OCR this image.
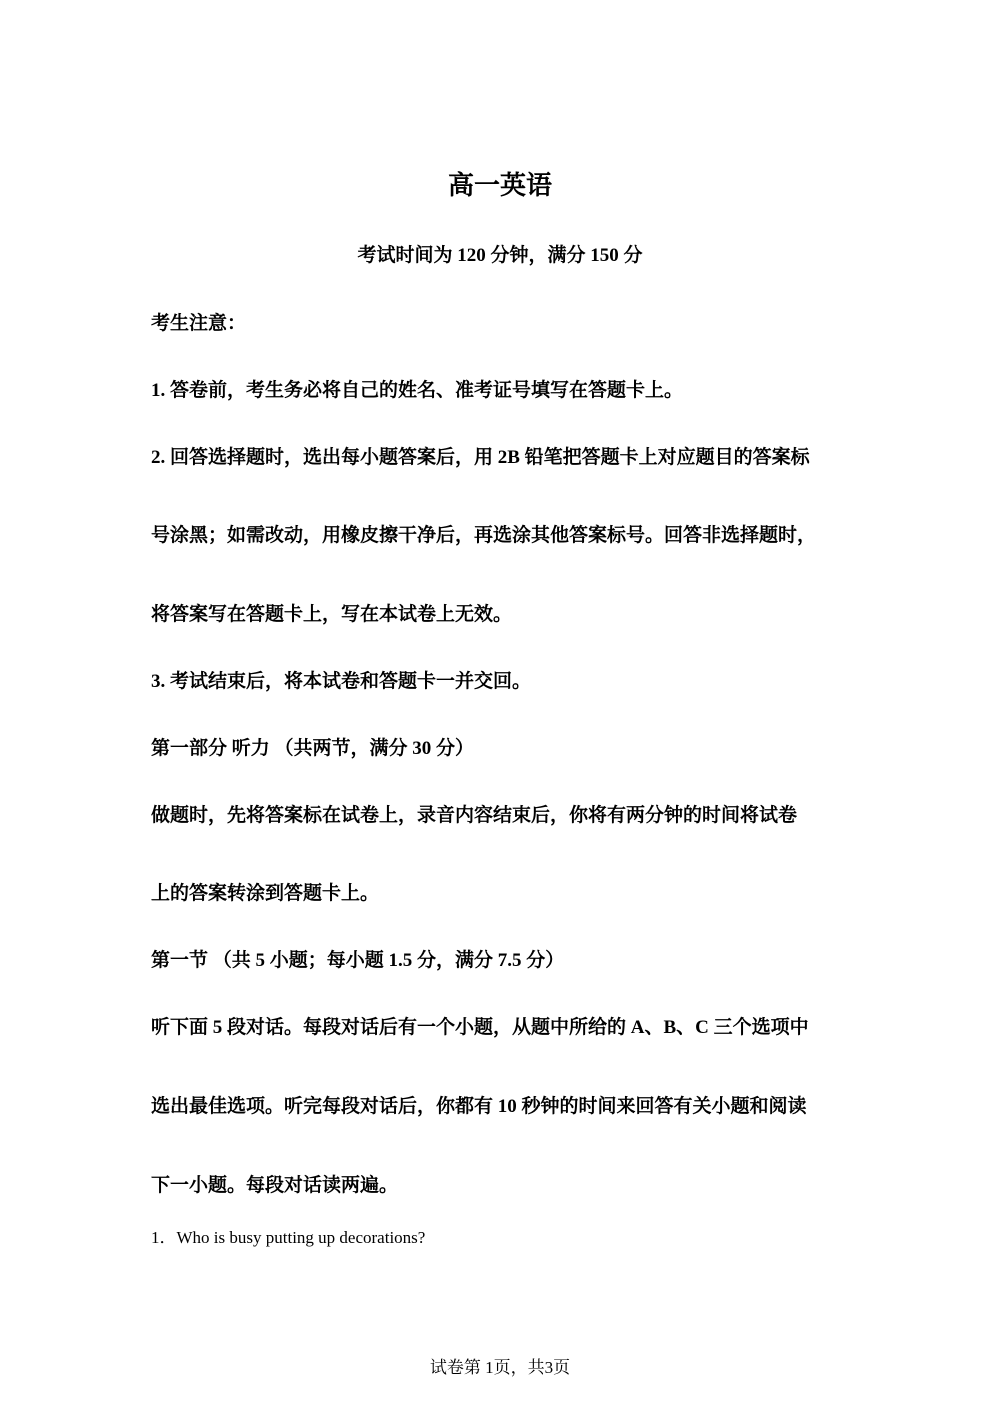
高一英语
考试时间为 120 分钟，满分 150 分
考生注意：
1. 答卷前，考生务必将自己的姓名、准考证号填写在答题卡上。
2. 回答选择题时，选出每小题答案后，用 2B 铅笔把答题卡上对应题目的答案标
号涂黑；如需改动，用橡皮擦干净后，再选涂其他答案标号。回答非选择题时，
将答案写在答题卡上，写在本试卷上无效。
3. 考试结束后，将本试卷和答题卡一并交回。
第一部分 听力 （共两节，满分 30 分）
做题时，先将答案标在试卷上，录音内容结束后，你将有两分钟的时间将试卷
上的答案转涂到答题卡上。
第一节 （共 5 小题；每小题 1.5 分，满分 7.5 分）
听下面 5 段对话。每段对话后有一个小题，从题中所给的 A、B、C 三个选项中
选出最佳选项。听完每段对话后，你都有 10 秒钟的时间来回答有关小题和阅读
下一小题。每段对话读两遍。
1．Who is busy putting up decorations?
试卷第 1页，共3页
